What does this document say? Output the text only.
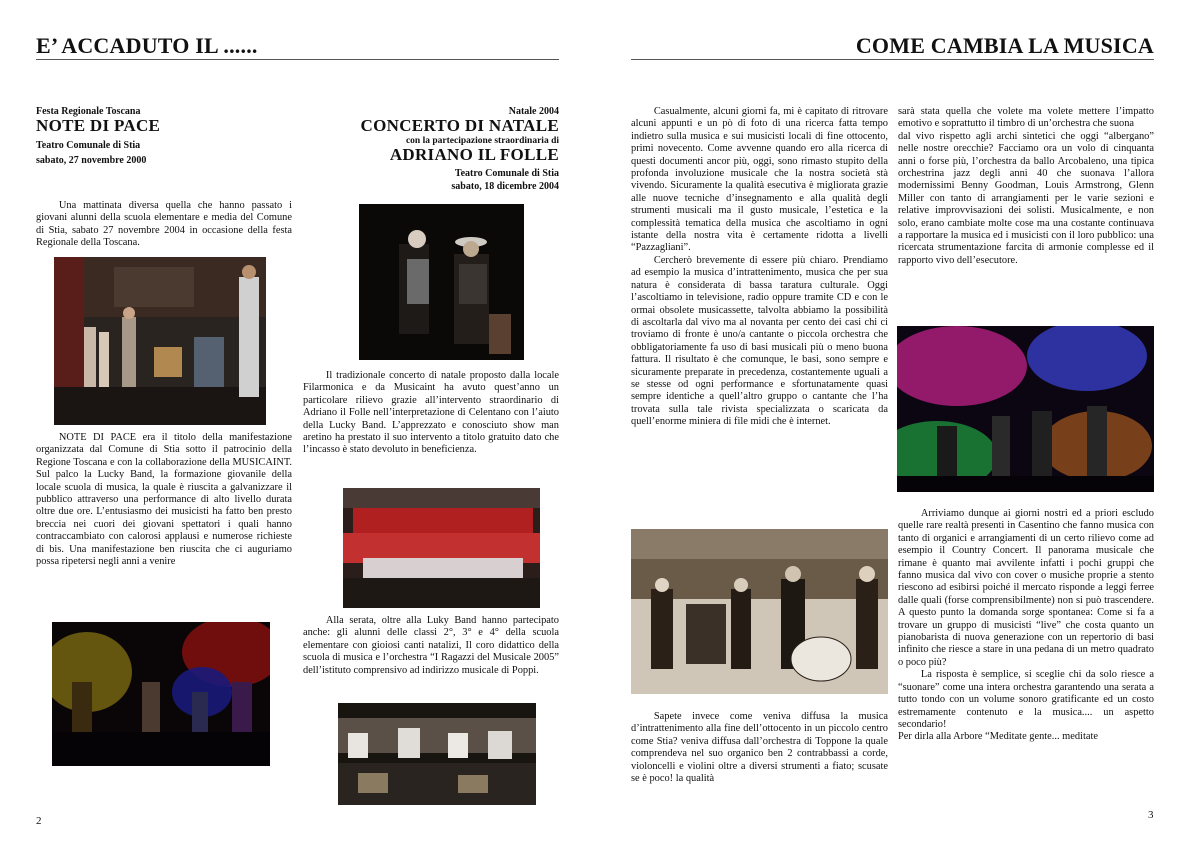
E’ ACCADUTO IL ......
Festa Regionale Toscana
NOTE DI PACE
Teatro Comunale di Stia
sabato, 27 novembre 2000

Una mattinata diversa quella che hanno passato i giovani alunni della scuola elementare e media del Comune di Stia, sabato 27 novembre 2004 in occasione della festa Regionale della Toscana.

NOTE DI PACE era il titolo della manifestazione organizzata dal Comune di Stia sotto il patrocinio della Regione Toscana e con la collaborazione della MUSICAINT. Sul palco la Lucky Band, la formazione giovanile della locale scuola di musica, la quale è riuscita a galvanizzare il pubblico attraverso una performance di alto livello durata oltre due ore. L’entusiasmo dei musicisti ha fatto ben presto breccia nei cuori dei giovani spettatori i quali hanno contraccambiato con calorosi applausi e numerose richieste di bis. Una manifestazione ben riuscita che ci auguriamo possa ripetersi negli anni a venire

Natale 2004
CONCERTO DI NATALE
con la partecipazione straordinaria di
ADRIANO IL FOLLE
Teatro Comunale di Stia
sabato, 18 dicembre 2004

Il tradizionale concerto di natale proposto dalla locale Filarmonica e da Musicaint ha avuto quest’anno un particolare rilievo grazie all’intervento straordinario di Adriano il Folle nell’interpretazione di Celentano con l’aiuto della Lucky Band. L’apprezzato e conosciuto show man aretino ha prestato il suo intervento a titolo gratuito dato che l’incasso è stato devoluto in beneficienza.

Alla serata, oltre alla Luky Band hanno partecipato anche: gli alunni delle classi 2°, 3° e 4° della scuola elementare con gioiosi canti natalizi, Il coro didattico della scuola di musica e l’orchestra “I Ragazzi del Musicale 2005” dell’istituto comprensivo ad indirizzo musicale di Poppi.

2
COME CAMBIA LA MUSICA

Casualmente, alcuni giorni fa, mi è capitato di ritrovare alcuni appunti e un pò di foto di una ricerca fatta tempo indietro sulla musica e sui musicisti locali di fine ottocento, primi novecento. Come avvenne quando ero alla ricerca di questi documenti ancor più, oggi, sono rimasto stupito della profonda involuzione musicale che la nostra società stà vivendo. Sicuramente la qualità esecutiva è migliorata grazie alle nuove tecniche d’insegnamento e alla qualità degli strumenti musicali ma il gusto musicale, l’estetica e la complessità tematica della musica che ascoltiamo in ogni istante della nostra vita è certamente ridotta a livelli “Pazzagliani”.

Cercherò brevemente di essere più chiaro. Prendiamo ad esempio la musica d’intrattenimento, musica che per sua natura è considerata di bassa taratura culturale. Oggi l’ascoltiamo in televisione, radio oppure tramite CD e con le ormai obsolete musicassette, talvolta abbiamo la possibilità di ascoltarla dal vivo ma al novanta per cento dei casi chi ci troviamo di fronte è uno/a cantante o piccola orchestra che obbligatoriamente fa uso di basi musicali più o meno buona fattura. Il risultato è che comunque, le basi, sono sempre e sicuramente preparate in precedenza, costantemente uguali a se stesse od ogni performance e sfortunatamente quasi sempre identiche a quell’altro gruppo o cantante che l’ha trovata sulla tale rivista specializzata o scaricata da quell’enorme miniera di file midi che è internet.

Sapete invece come veniva diffusa la musica d’intrattenimento alla fine dell’ottocento in un piccolo centro come Stia? veniva diffusa dall’orchestra di Toppone la quale comprendeva nel suo organico ben 2 contrabbassi a corde, violoncelli e violini oltre a diversi strumenti a fiato; scusate se è poco! la qualità

sarà stata quella che volete ma volete mettere l’impatto emotivo e soprattutto il timbro di un’orchestra che suona

dal vivo rispetto agli archi sintetici che oggi “albergano” nelle nostre orecchie? Facciamo ora un volo di cinquanta anni o forse più, l’orchestra da ballo Arcobaleno, una tipica orchestrina jazz degli anni 40 che suonava l’allora modernissimi Benny Goodman, Louis Armstrong, Glenn Miller con tanto di arrangiamenti per le varie sezioni e relative improvvisazioni dei solisti. Musicalmente, e non solo, erano cambiate molte cose ma una costante continuava a rapportare la musica ed i musicisti con il loro pubblico: una ricercata strumentazione farcita di armonie complesse ed il rapporto vivo dell’esecutore.

Arriviamo dunque ai giorni nostri ed a priori escludo quelle rare realtà presenti in Casentino che fanno musica con tanto di organici e arrangiamenti di un certo rilievo come ad esempio il Country Concert. Il panorama musicale che rimane è quanto mai avvilente infatti i pochi gruppi che fanno musica dal vivo con cover o musiche proprie a stento riescono ad esibirsi poiché il mercato risponde a leggi ferree dalle quali (forse comprensibilmente) non si può trascendere. A questo punto la domanda sorge spontanea: Come si fa a trovare un gruppo di musicisti “live” che costa quanto un pianobarista di nuova generazione con un repertorio di basi infinito che riesce a stare in una pedana di un metro quadrato o poco più?

La risposta è semplice, si sceglie chi da solo riesce a “suonare” come una intera orchestra garantendo una serata a tutto tondo con un volume sonoro gratificante ed un costo estremamente contenuto e la musica.... un aspetto secondario!

Per dirla alla Arbore “Meditate gente... meditate

3
